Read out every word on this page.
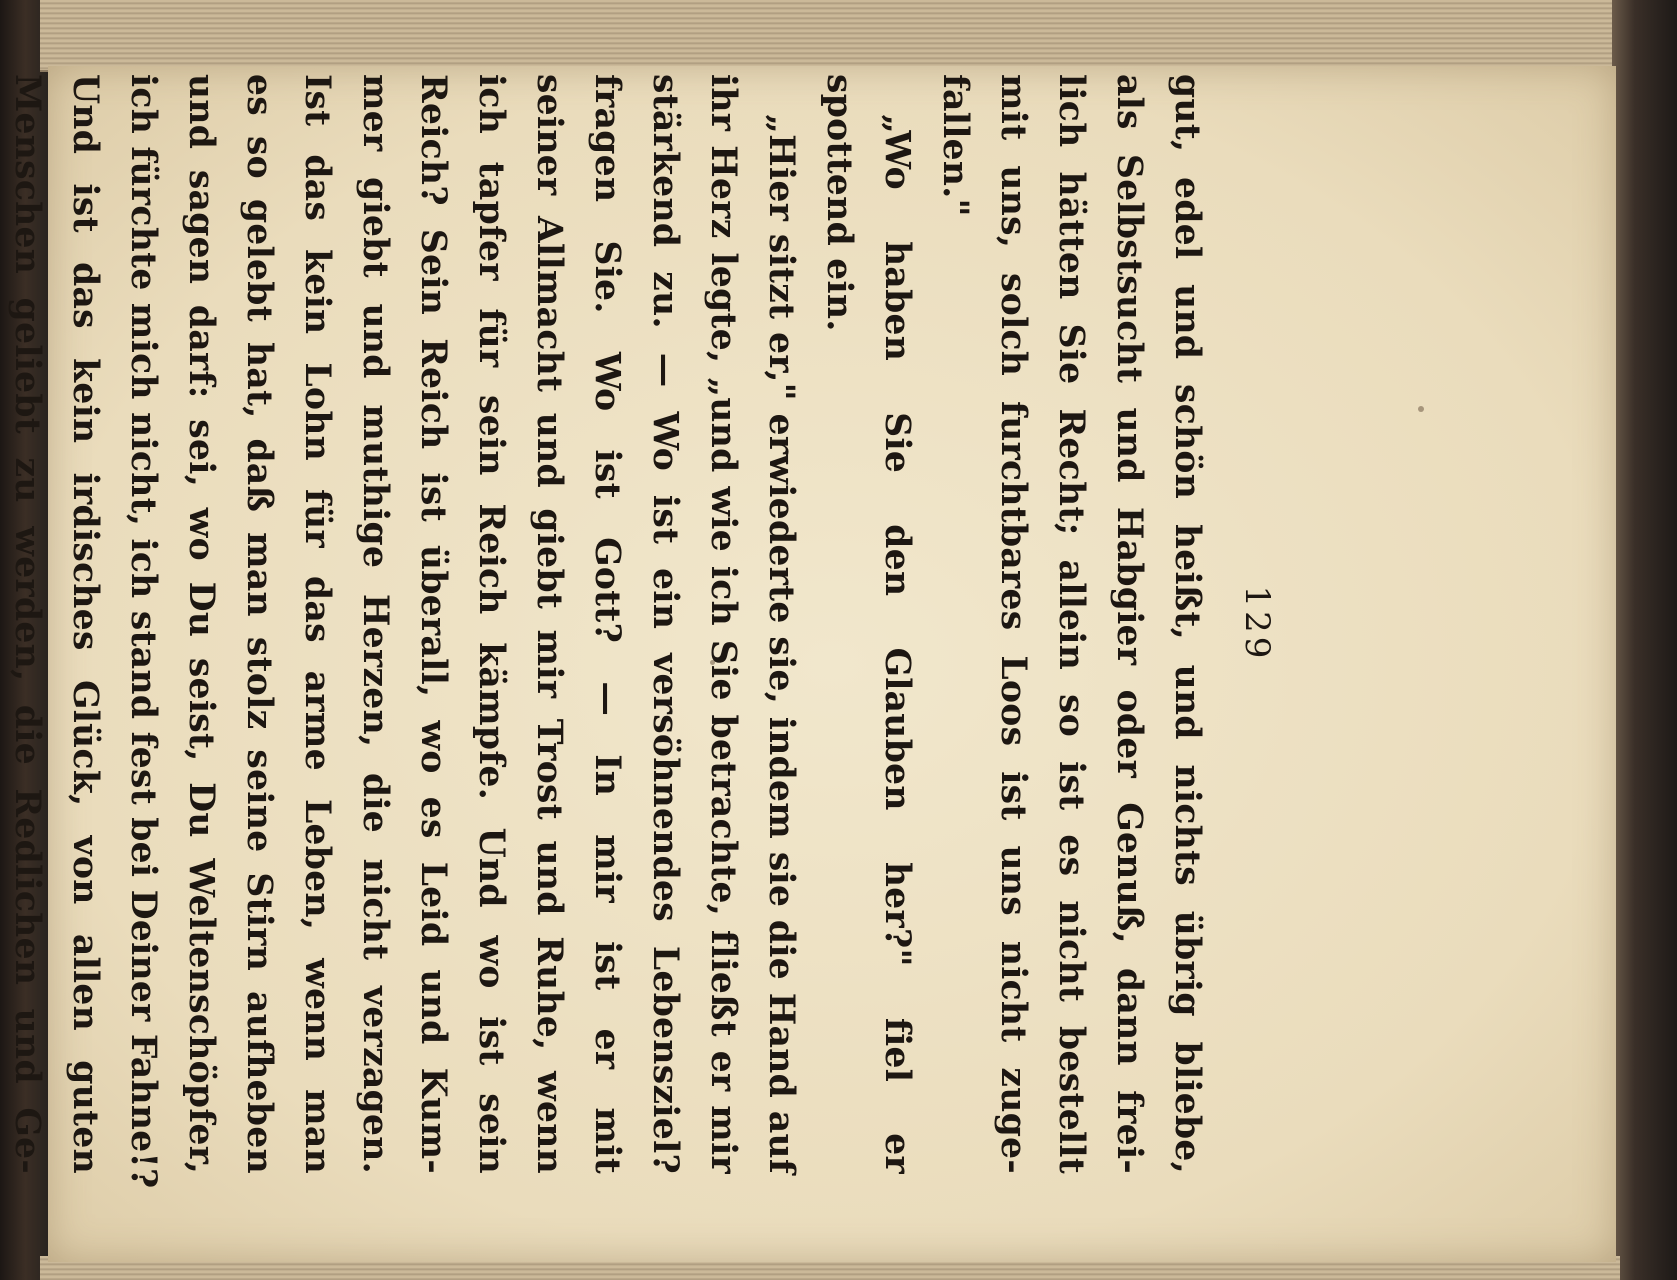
129
gut, edel und schön heißt, und nichts übrig bliebe,
als Selbstsucht und Habgier oder Genuß, dann frei-
lich hätten Sie Recht; allein so ist es nicht bestellt
mit uns, solch furchtbares Loos ist uns nicht zuge-
fallen."
„Wo haben Sie den Glauben her?" fiel er
spottend ein.
„Hier sitzt er," erwiederte sie, indem sie die Hand auf
ihr Herz legte, „und wie ich Sie betrachte, fließt er mir
stärkend zu. — Wo ist ein versöhnendes Lebensziel?
fragen Sie. Wo ist Gott? — In mir ist er mit
seiner Allmacht und giebt mir Trost und Ruhe, wenn
ich tapfer für sein Reich kämpfe. Und wo ist sein
Reich? Sein Reich ist überall, wo es Leid und Kum-
mer giebt und muthige Herzen, die nicht verzagen.
Ist das kein Lohn für das arme Leben, wenn man
es so gelebt hat, daß man stolz seine Stirn aufheben
und sagen darf: sei, wo Du seist, Du Weltenschöpfer,
ich fürchte mich nicht, ich stand fest bei Deiner Fahne!?
Und ist das kein irdisches Glück, von allen guten
Menschen geliebt zu werden, die Redlichen und Ge-
